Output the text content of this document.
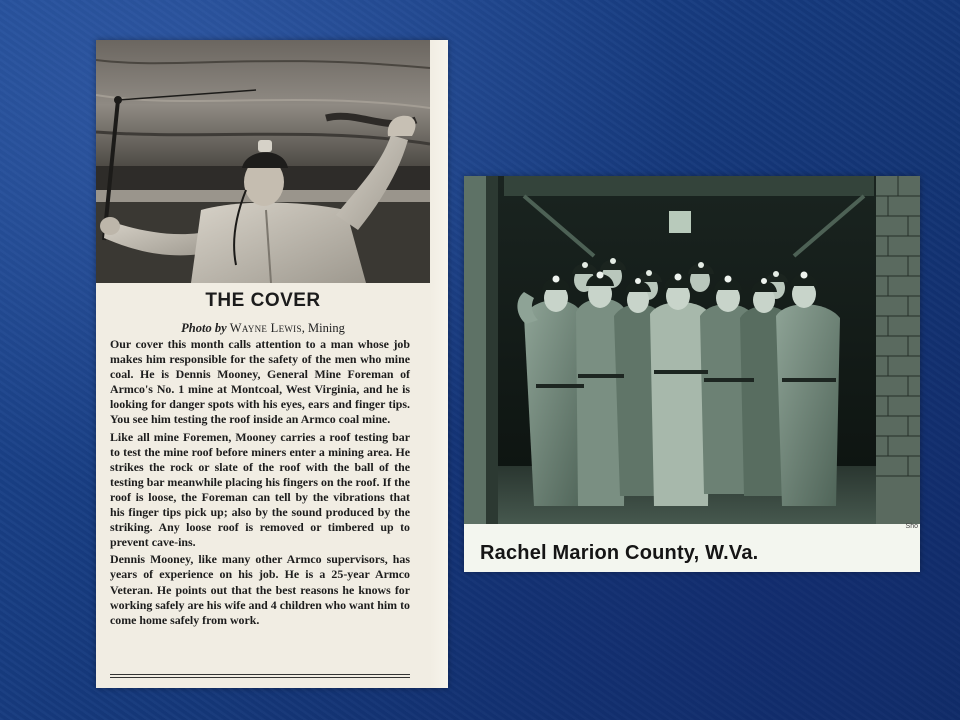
THE COVER
Photo by Wayne Lewis, Mining

Our cover this month calls attention to a man whose job makes him responsible for the safety of the men who mine coal. He is Dennis Mooney, General Mine Foreman of Armco's No. 1 mine at Montcoal, West Virginia, and he is looking for danger spots with his eyes, ears and finger tips. You see him testing the roof inside an Armco coal mine.

Like all mine Foremen, Mooney carries a roof testing bar to test the mine roof before miners enter a mining area. He strikes the rock or slate of the roof with the ball of the testing bar meanwhile placing his fingers on the roof. If the roof is loose, the Foreman can tell by the vibrations that his finger tips pick up; also by the sound produced by the striking. Any loose roof is removed or timbered up to prevent cave-ins.

Dennis Mooney, like many other Armco supervisors, has years of experience on his job. He is a 25-year Armco Veteran. He points out that the best reasons he knows for working safely are his wife and 4 children who want him to come home safely from work.

Sho
Rachel Marion County, W.Va.
